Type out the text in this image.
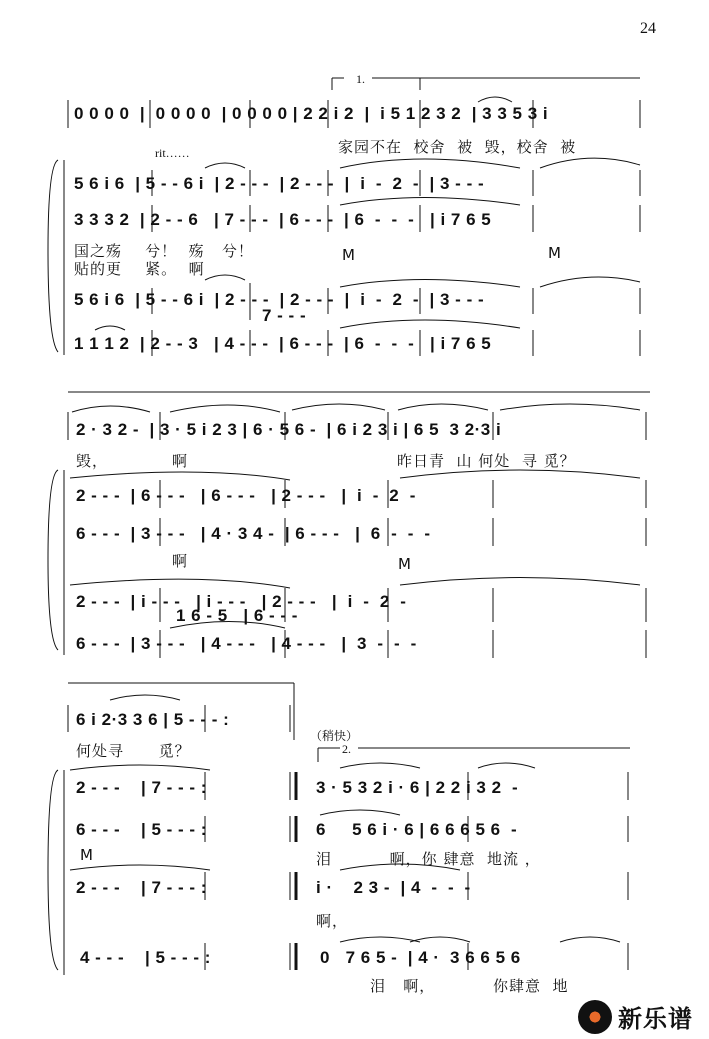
24
1.
0 0 0 0  |  0 0 0 0  | 0 0 0 0 | 2 2 i 2  |  i 5 1 2 3 2  | 3 3 5 3 i
rit……	家园不在  校舍  被  毁，校舍  被
5 6 i 6  | 5 - - 6 i  | 2 - - -  | 2 - - -  |  i  -  2  -  | 3 - - -
3 3 3 2  | 2 - - 6   | 7 - - -  | 6 - - -  | 6  -  -  -   | i 7 6 5
国之殇    兮！  殇   兮！
贴的更    紧。  啊
M	M
5 6 i 6  | 5 - - 6 i  | 2 - - -  | 2 - - -  |  i  -  2  -  | 3 - - -
7 - - -
1 1 1 2  | 2 - - 3   | 4 - - -  | 6 - - -  | 6  -  -  -   | i 7 6 5
2 · 3 2 -  | 3 · 5 i 2 3 | 6 · 5 6 -  | 6 i 2 3 i | 6 5  3 2·3 i
毁，	啊	昨日青  山 何处  寻 觅？
2 - - -  | 6 - - -   | 6 - - -   | 2 - - -   |  i  -  2  -
6 - - -  | 3 - - -   | 4 · 3 4 -  | 6 - - -   |  6  -  -  -
啊	M
2 - - -  | i - - -   | i - - -   | 2 - - -   |  i  -  2  -
1 6 - 5   | 6 - - -
6 - - -  | 3 - - -   | 4 - - -   | 4 - - -   |  3  -  -  -
6 i 2·3 3 6 | 5 - - - :
何处寻      觅？
（稍快）
2.
2 - - -    | 7 - - - :	3 · 5 3 2 i · 6 | 2 2 i 3 2  -
6 - - -    | 5 - - - :	6     5 6 i · 6 | 6 6 6 5 6  -
M	泪          啊，你 肆意  地流 ，
2 - - -    | 7 - - - :	i ·    2 3 -  | 4  -  -  -
啊，
4 - - -    | 5 - - - :	0   7 6 5 -  | 4 ·  3 6 6 5 6
泪   啊，          你肆意  地
新乐谱
